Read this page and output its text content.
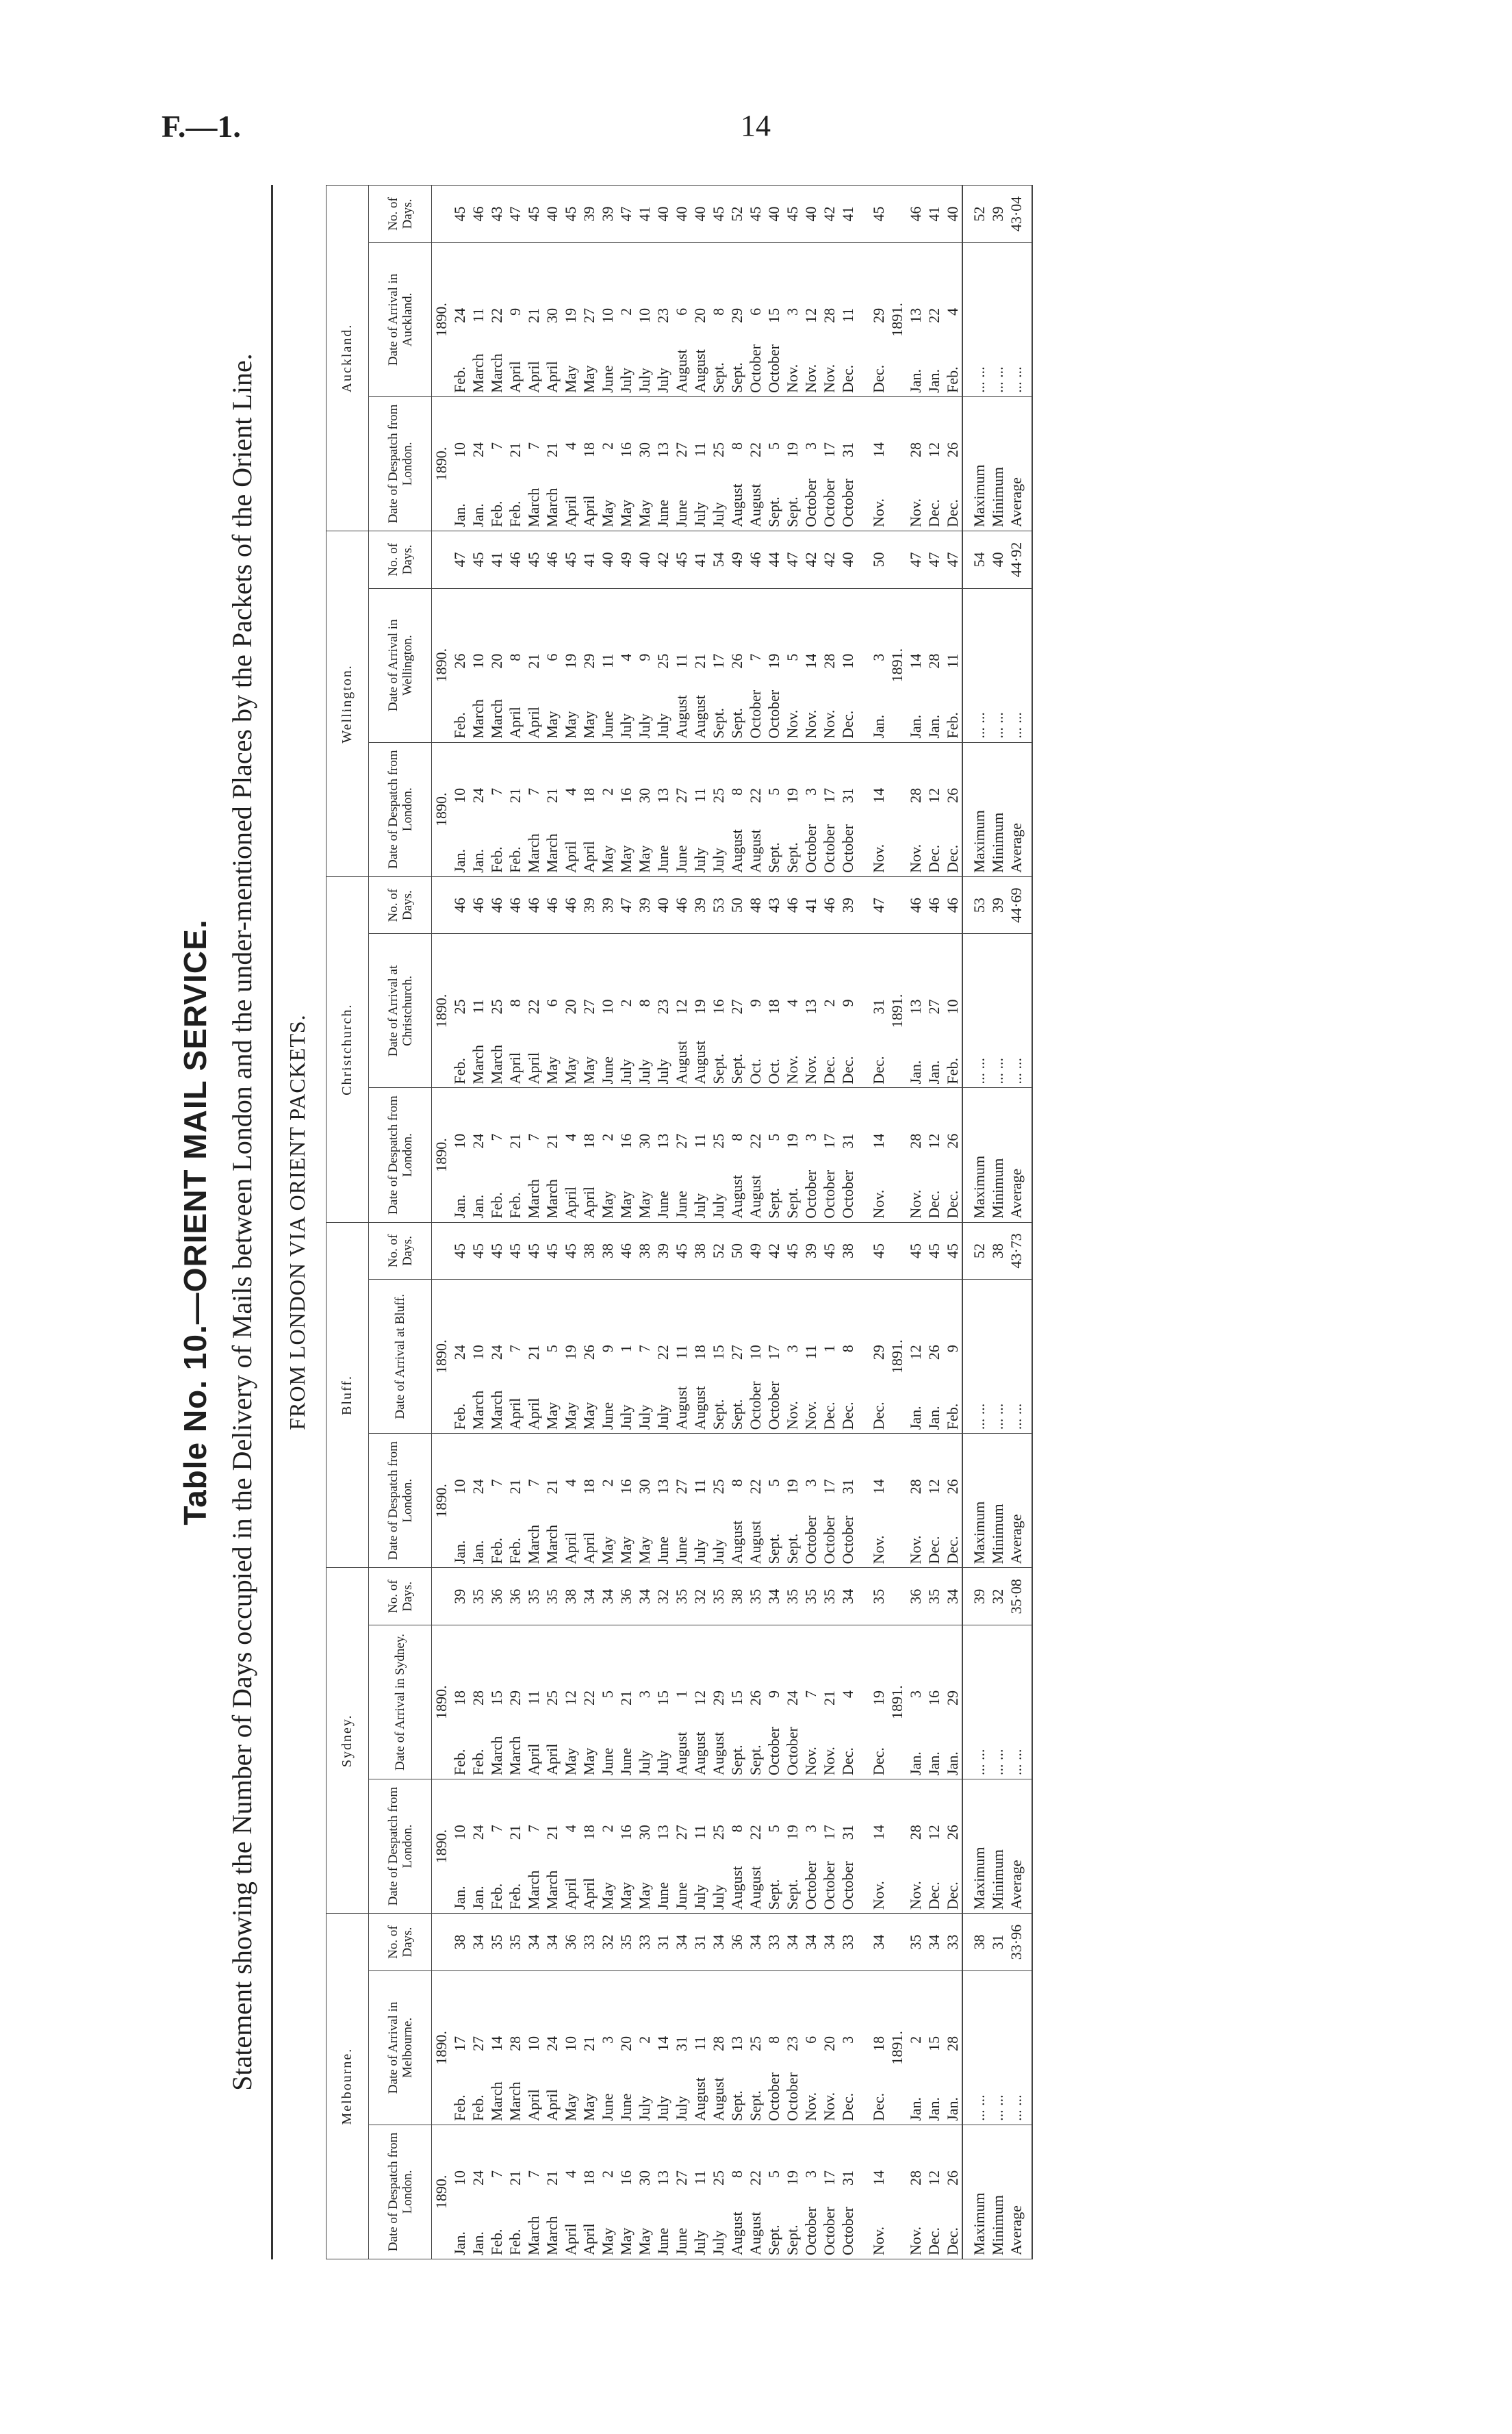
F.—1.	14
Table No. 10.—ORIENT MAIL SERVICE. Statement showing the Number of Days occupied in the Delivery of Mails between London and the under-mentioned Places by the Packets of the Orient Line. FROM LONDON VIA ORIENT PACKETS.
Melbourne.			Sydney.			Bluff.			Christchurch.			Wellington.			Auckland.		
Date of Despatch from London.	Date of Arrival in Melbourne.	No. of Days.	Date of Despatch from London.	Date of Arrival in Sydney.	No. of Days.	Date of Despatch from London.	Date of Arrival at Bluff.	No. of Days.	Date of Despatch from London.	Date of Arrival at Christchurch.	No. of Days.	Date of Despatch from London.	Date of Arrival in Wellington.	No. of Days.	Date of Despatch from London.	Date of Arrival in Auckland.	No. of Days.
1890.	1890.		1890.	1890.		1890.	1890.		1890.	1890.		1890.	1890.		1890.	1890.	
Jan.10	Feb.17	38	Jan.10	Feb.18	39	Jan.10	Feb.24	45	Jan.10	Feb.25	46	Jan.10	Feb.26	47	Jan.10	Feb.24	45
Jan.24	Feb.27	34	Jan.24	Feb.28	35	Jan.24	March10	45	Jan.24	March11	46	Jan.24	March10	45	Jan.24	March11	46
Feb.7	March14	35	Feb.7	March15	36	Feb.7	March24	45	Feb.7	March25	46	Feb.7	March20	41	Feb.7	March22	43
Feb.21	March28	35	Feb.21	March29	36	Feb.21	April7	45	Feb.21	April8	46	Feb.21	April8	46	Feb.21	April9	47
March7	April10	34	March7	April11	35	March7	April21	45	March7	April22	46	March7	April21	45	March7	April21	45
March21	April24	34	March21	April25	35	March21	May5	45	March21	May6	46	March21	May6	46	March21	April30	40
April4	May10	36	April4	May12	38	April4	May19	45	April4	May20	46	April4	May19	45	April4	May19	45
April18	May21	33	April18	May22	34	April18	May26	38	April18	May27	39	April18	May29	41	April18	May27	39
May2	June3	32	May2	June5	34	May2	June9	38	May2	June10	39	May2	June11	40	May2	June10	39
May16	June20	35	May16	June21	36	May16	July1	46	May16	July2	47	May16	July4	49	May16	July2	47
May30	July2	33	May30	July3	34	May30	July7	38	May30	July8	39	May30	July9	40	May30	July10	41
June13	July14	31	June13	July15	32	June13	July22	39	June13	July23	40	June13	July25	42	June13	July23	40
June27	July31	34	June27	August1	35	June27	August11	45	June27	August12	46	June27	August11	45	June27	August6	40
July11	August11	31	July11	August12	32	July11	August18	38	July11	August19	39	July11	August21	41	July11	August20	40
July25	August28	34	July25	August29	35	July25	Sept.15	52	July25	Sept.16	53	July25	Sept.17	54	July25	Sept.8	45
August8	Sept.13	36	August8	Sept.15	38	August8	Sept.27	50	August8	Sept.27	50	August8	Sept.26	49	August8	Sept.29	52
August22	Sept.25	34	August22	Sept.26	35	August22	October10	49	August22	Oct.9	48	August22	October7	46	August22	October6	45
Sept.5	October8	33	Sept.5	October9	34	Sept.5	October17	42	Sept.5	Oct.18	43	Sept.5	October19	44	Sept.5	October15	40
Sept.19	October23	34	Sept.19	October24	35	Sept.19	Nov.3	45	Sept.19	Nov.4	46	Sept.19	Nov.5	47	Sept.19	Nov.3	45
October3	Nov.6	34	October3	Nov.7	35	October3	Nov.11	39	October3	Nov.13	41	October3	Nov.14	42	October3	Nov.12	40
October17	Nov.20	34	October17	Nov.21	35	October17	Dec.1	45	October17	Dec.2	46	October17	Nov.28	42	October17	Nov.28	42
October31	Dec.3	33	October31	Dec.4	34	October31	Dec.8	38	October31	Dec.9	39	October31	Dec.10	40	October31	Dec.11	41

Nov.14	Dec.18	34	Nov.14	Dec.19	35	Nov.14	Dec.29	45	Nov.14	Dec.31	47	Nov.14	Jan.3	50	Nov.14	Dec.29	45
	1891.			1891.			1891.			1891.			1891.			1891.	
Nov.28	Jan.2	35	Nov.28	Jan.3	36	Nov.28	Jan.12	45	Nov.28	Jan.13	46	Nov.28	Jan.14	47	Nov.28	Jan.13	46
Dec.12	Jan.15	34	Dec.12	Jan.16	35	Dec.12	Jan.26	45	Dec.12	Jan.27	46	Dec.12	Jan.28	47	Dec.12	Jan.22	41
Dec.26	Jan.28	33	Dec.26	Jan.29	34	Dec.26	Feb.9	45	Dec.26	Feb.10	46	Dec.26	Feb.11	47	Dec.26	Feb.4	40
Maximum	... ...	38	Maximum	... ...	39	Maximum	... ...	52	Maximum	... ...	53	Maximum	... ...	54	Maximum	... ...	52
Minimum	... ...	31	Minimum	... ...	32	Minimum	... ...	38	Minimum	... ...	39	Minimum	... ...	40	Minimum	... ...	39
Average	... ...	33·96	Average	... ...	35·08	Average	... ...	43·73	Average	... ...	44·69	Average	... ...	44·92	Average	... ...	43·04
